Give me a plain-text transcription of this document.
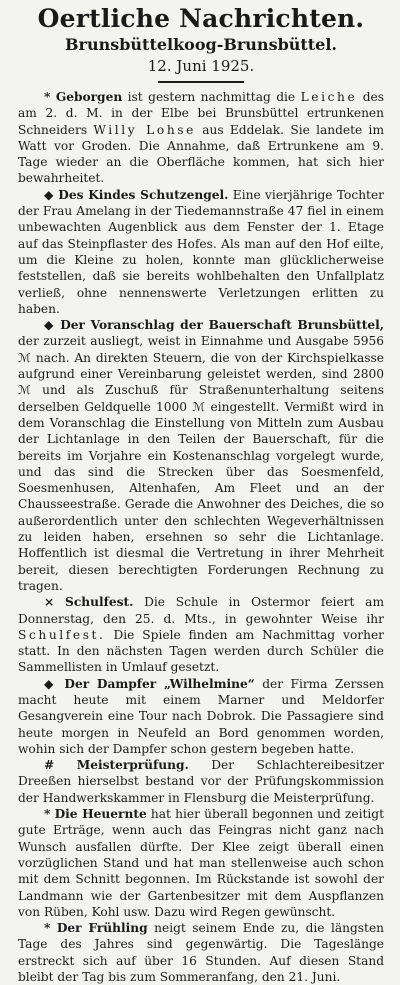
Oertliche Nachrichten.

Brunsbüttelkoog-Brunsbüttel.

12. Juni 1925.

* Geborgen ist gestern nachmittag die Leiche des am 2. d. M. in der Elbe bei Brunsbüttel ertrunkenen Schneiders Willy Lohse aus Eddelak. Sie landete im Watt vor Groden. Die Annahme, daß Ertrunkene am 9. Tage wieder an die Oberfläche kommen, hat sich hier bewahrheitet.

◆ Des Kindes Schutzengel. Eine vierjährige Tochter der Frau Amelang in der Tiedemannstraße 47 fiel in einem unbewachten Augenblick aus dem Fenster der 1. Etage auf das Steinpflaster des Hofes. Als man auf den Hof eilte, um die Kleine zu holen, konnte man glücklicherweise feststellen, daß sie bereits wohlbehalten den Unfallplatz verließ, ohne nennenswerte Verletzungen erlitten zu haben.

◆ Der Voranschlag der Bauerschaft Brunsbüttel, der zurzeit ausliegt, weist in Einnahme und Ausgabe 5956 ℳ nach. An direkten Steuern, die von der Kirchspielkasse aufgrund einer Vereinbarung geleistet werden, sind 2800 ℳ und als Zuschuß für Straßenunterhaltung seitens derselben Geldquelle 1000 ℳ eingestellt. Vermißt wird in dem Voranschlag die Einstellung von Mitteln zum Ausbau der Lichtanlage in den Teilen der Bauerschaft, für die bereits im Vorjahre ein Kostenanschlag vorgelegt wurde, und das sind die Strecken über das Soesmenfeld, Soesmenhusen, Altenhafen, Am Fleet und an der Chausseestraße. Gerade die Anwohner des Deiches, die so außerordentlich unter den schlechten Wegeverhältnissen zu leiden haben, ersehnen so sehr die Lichtanlage. Hoffentlich ist diesmal die Vertretung in ihrer Mehrheit bereit, diesen berechtigten Forderungen Rechnung zu tragen.

× Schulfest. Die Schule in Ostermor feiert am Donnerstag, den 25. d. Mts., in gewohnter Weise ihr Schulfest. Die Spiele finden am Nachmittag vorher statt. In den nächsten Tagen werden durch Schüler die Sammellisten in Umlauf gesetzt.

◆ Der Dampfer „Wilhelmine“ der Firma Zerssen macht heute mit einem Marner und Meldorfer Gesangverein eine Tour nach Dobrok. Die Passagiere sind heute morgen in Neufeld an Bord genommen worden, wohin sich der Dampfer schon gestern begeben hatte.

# Meisterprüfung. Der Schlachtereibesitzer Dreeßen hierselbst bestand vor der Prüfungskommission der Handwerkskammer in Flensburg die Meisterprüfung.

* Die Heuernte hat hier überall begonnen und zeitigt gute Erträge, wenn auch das Feingras nicht ganz nach Wunsch ausfallen dürfte. Der Klee zeigt überall einen vorzüglichen Stand und hat man stellenweise auch schon mit dem Schnitt begonnen. Im Rückstande ist sowohl der Landmann wie der Gartenbesitzer mit dem Auspflanzen von Rüben, Kohl usw. Dazu wird Regen gewünscht.

* Der Frühling neigt seinem Ende zu, die längsten Tage des Jahres sind gegenwärtig. Die Tageslänge erstreckt sich auf über 16 Stunden. Auf diesen Stand bleibt der Tag bis zum Sommeranfang, den 21. Juni.
